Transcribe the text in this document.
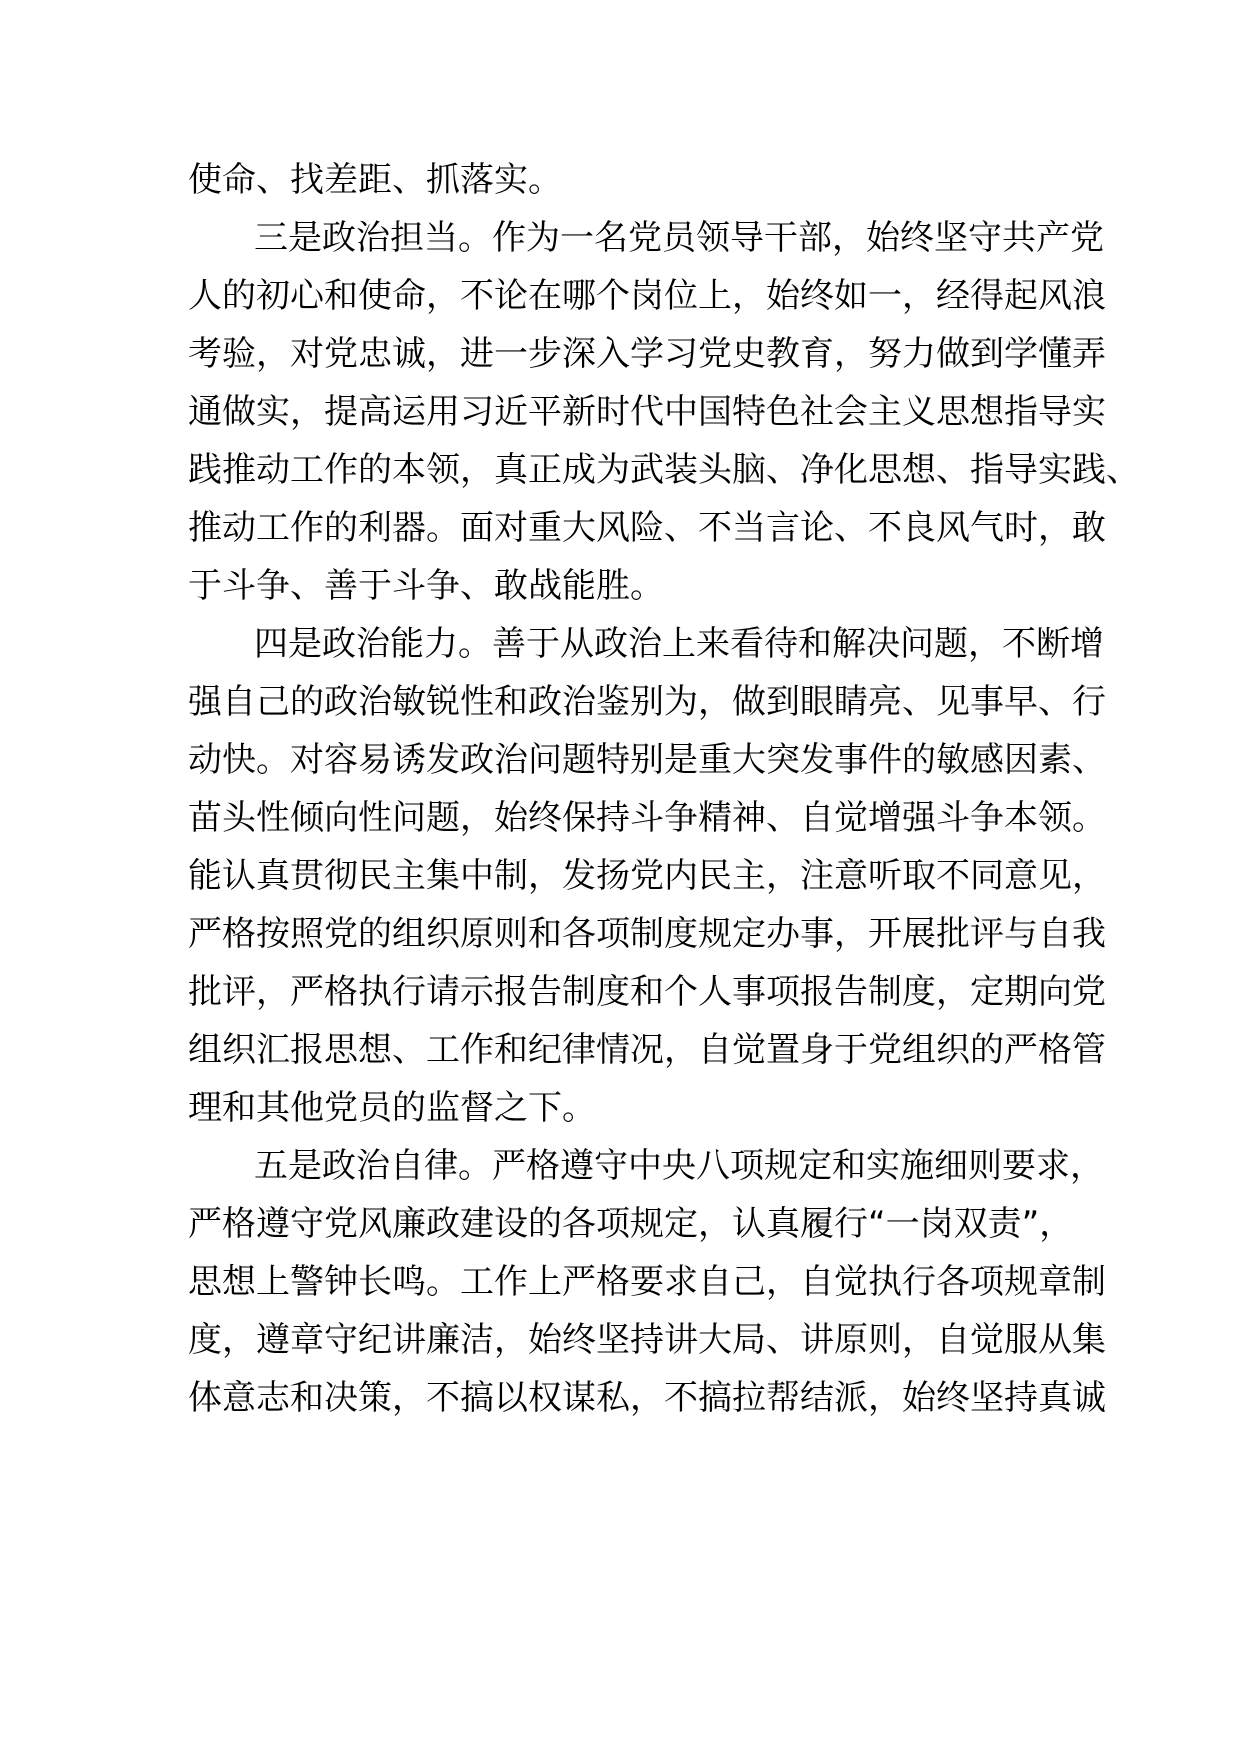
使命、找差距、抓落实。

三是政治担当。作为一名党员领导干部，始终坚守共产党

人的初心和使命，不论在哪个岗位上，始终如一，经得起风浪

考验，对党忠诚，进一步深入学习党史教育，努力做到学懂弄

通做实，提高运用习近平新时代中国特色社会主义思想指导实

践推动工作的本领，真正成为武装头脑、净化思想、指导实践、

推动工作的利器。面对重大风险、不当言论、不良风气时，敢

于斗争、善于斗争、敢战能胜。

四是政治能力。善于从政治上来看待和解决问题，不断增

强自己的政治敏锐性和政治鉴别为，做到眼睛亮、见事早、行

动快。对容易诱发政治问题特别是重大突发事件的敏感因素、

苗头性倾向性问题，始终保持斗争精神、自觉增强斗争本领。

能认真贯彻民主集中制，发扬党内民主，注意听取不同意见，

严格按照党的组织原则和各项制度规定办事，开展批评与自我

批评，严格执行请示报告制度和个人事项报告制度，定期向党

组织汇报思想、工作和纪律情况，自觉置身于党组织的严格管

理和其他党员的监督之下。

五是政治自律。严格遵守中央八项规定和实施细则要求，

严格遵守党风廉政建设的各项规定，认真履行“一岗双责”，

思想上警钟长鸣。工作上严格要求自己，自觉执行各项规章制

度，遵章守纪讲廉洁，始终坚持讲大局、讲原则，自觉服从集

体意志和决策，不搞以权谋私，不搞拉帮结派，始终坚持真诚
